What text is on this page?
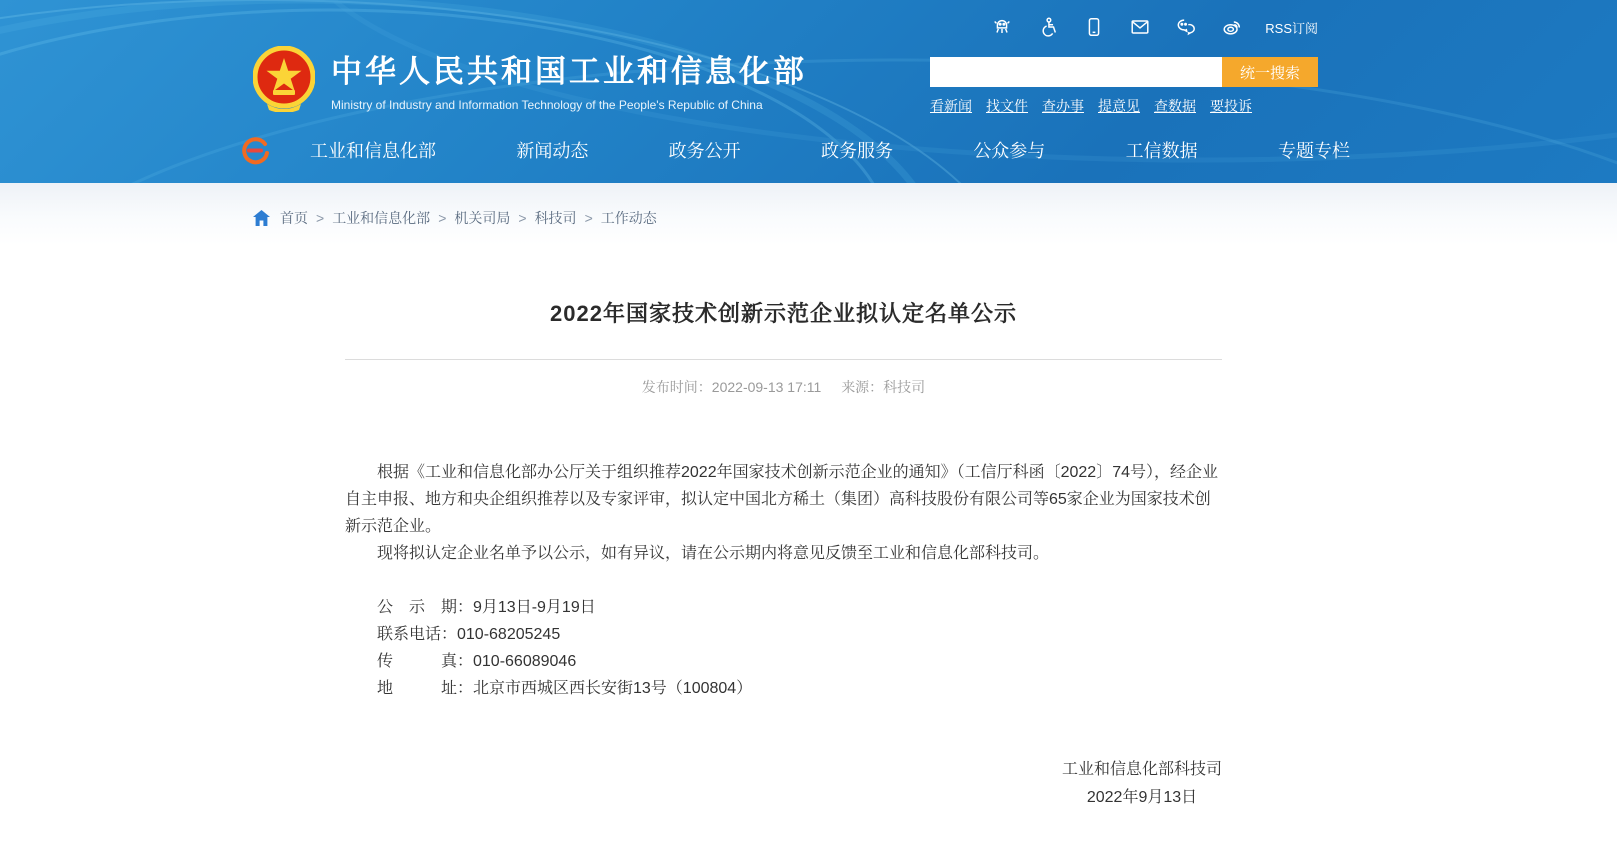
RSS订阅
中华人民共和国工业和信息化部
Ministry of Industry and Information Technology of the People's Republic of China
统一搜索
看新闻 找文件 查办事 提意见 查数据 要投诉
工业和信息化部	新闻动态	政务公开	政务服务	公众参与	工信数据	专题专栏
首页 > 工业和信息化部 > 机关司局 > 科技司 > 工作动态
2022年国家技术创新示范企业拟认定名单公示
发布时间：2022-09-13 17:11 来源：科技司

根据《工业和信息化部办公厅关于组织推荐2022年国家技术创新示范企业的通知》（工信厅科函〔2022〕74号），经企业自主申报、地方和央企组织推荐以及专家评审，拟认定中国北方稀土（集团）高科技股份有限公司等65家企业为国家技术创新示范企业。

现将拟认定企业名单予以公示，如有异议，请在公示期内将意见反馈至工业和信息化部科技司。

公　示　期：9月13日-9月19日
联系电话：010-68205245
传　　　真：010-66089046
地　　　址：北京市西城区西长安街13号（100804）
工业和信息化部科技司
2022年9月13日
